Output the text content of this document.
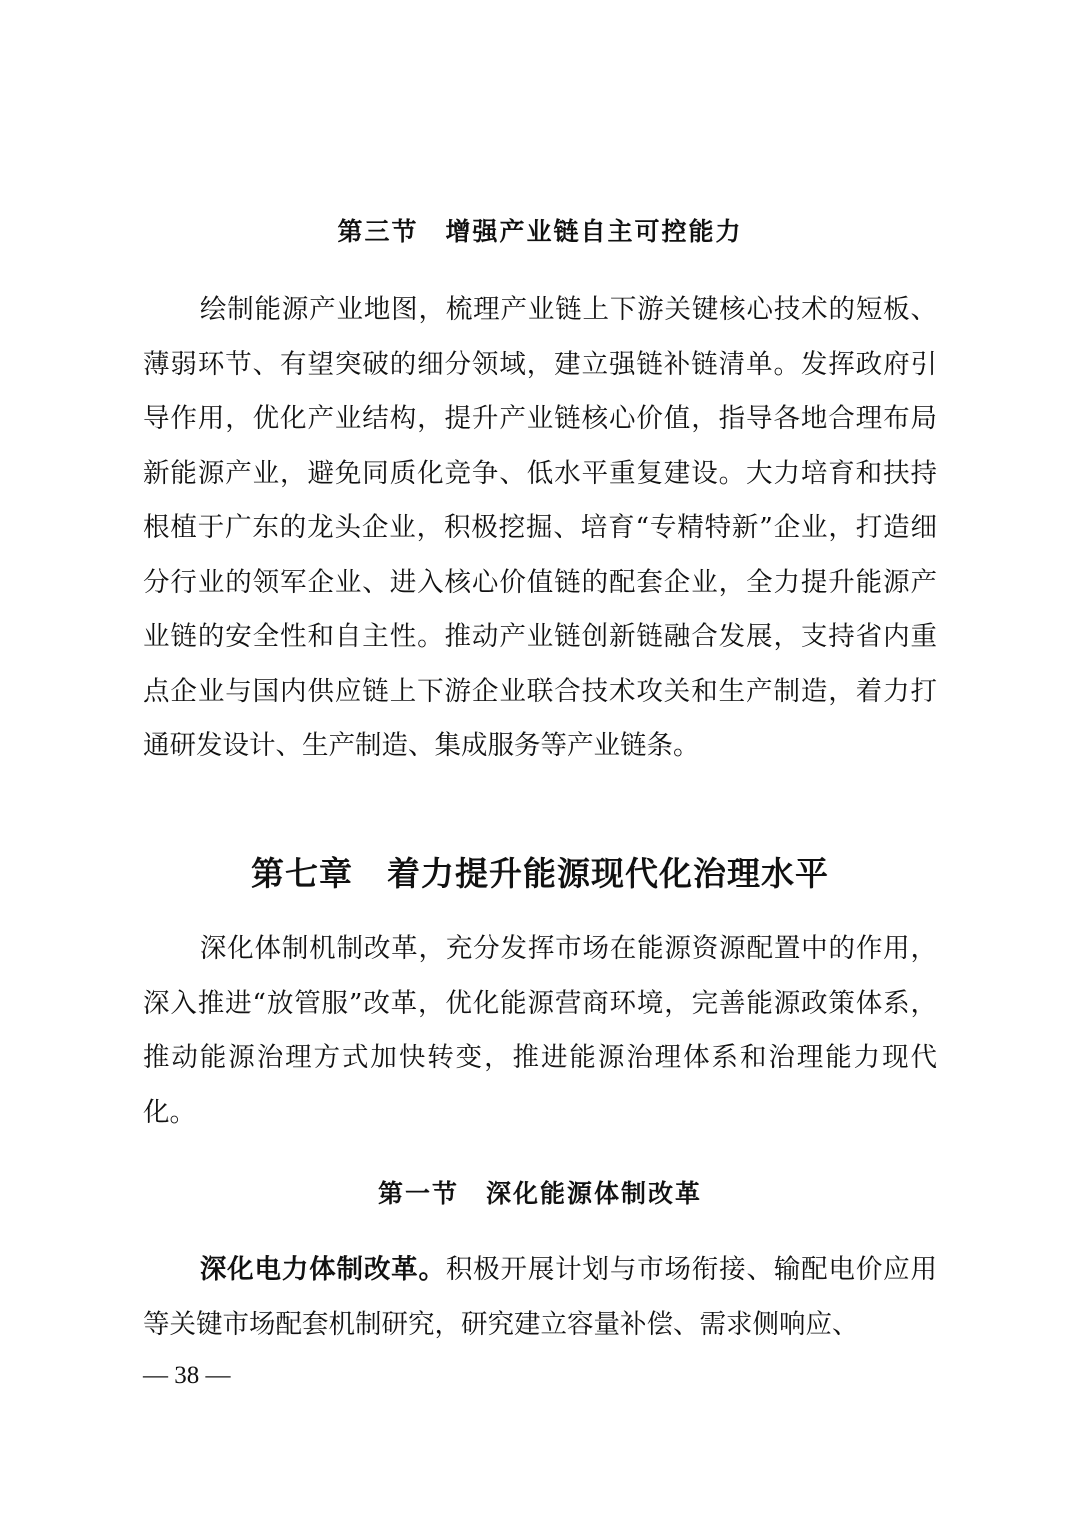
第三节　增强产业链自主可控能力
绘制能源产业地图，梳理产业链上下游关键核心技术的短板、薄弱环节、有望突破的细分领域，建立强链补链清单。发挥政府引导作用，优化产业结构，提升产业链核心价值，指导各地合理布局新能源产业，避免同质化竞争、低水平重复建设。大力培育和扶持根植于广东的龙头企业，积极挖掘、培育“专精特新”企业，打造细分行业的领军企业、进入核心价值链的配套企业，全力提升能源产业链的安全性和自主性。推动产业链创新链融合发展，支持省内重点企业与国内供应链上下游企业联合技术攻关和生产制造，着力打通研发设计、生产制造、集成服务等产业链条。
第七章　着力提升能源现代化治理水平
深化体制机制改革，充分发挥市场在能源资源配置中的作用，深入推进“放管服”改革，优化能源营商环境，完善能源政策体系，推动能源治理方式加快转变，推进能源治理体系和治理能力现代化。
第一节　深化能源体制改革
深化电力体制改革。积极开展计划与市场衔接、输配电价应用等关键市场配套机制研究，研究建立容量补偿、需求侧响应、
— 38 —
